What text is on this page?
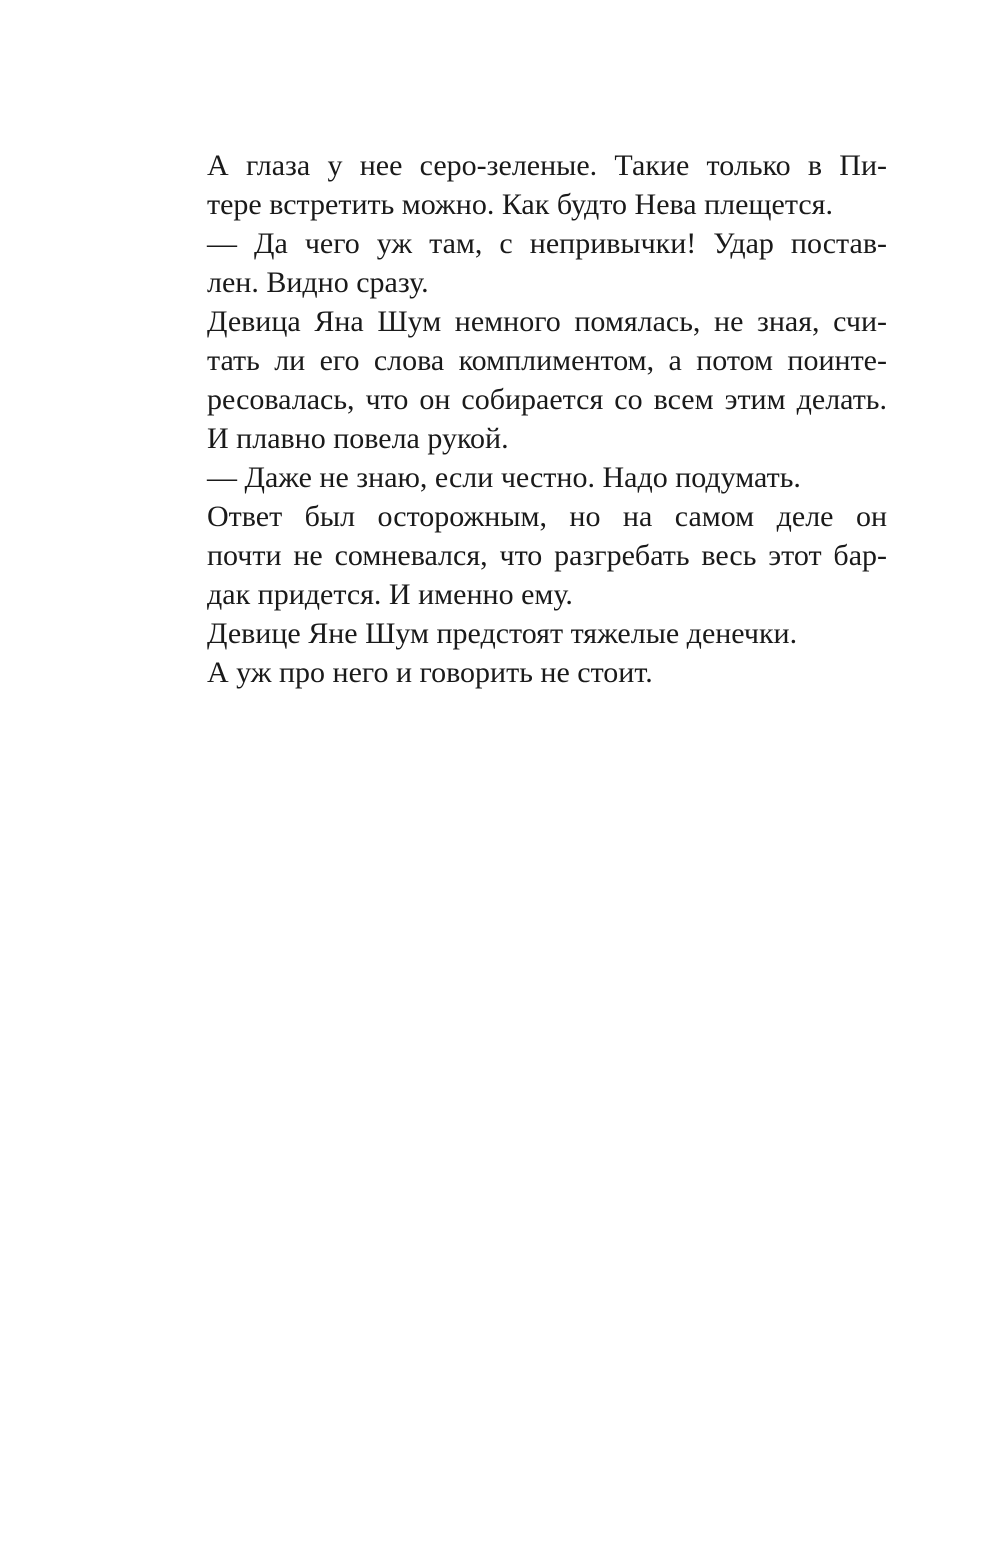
А глаза у нее серо-зеленые. Такие только в Пи-
тере встретить можно. Как будто Нева плещется.
— Да чего уж там, с непривычки! Удар постав-
лен. Видно сразу.
Девица Яна Шум немного помялась, не зная, счи-
тать ли его слова комплиментом, а потом поинте-
ресовалась, что он собирается со всем этим делать.
И плавно повела рукой.
— Даже не знаю, если честно. Надо подумать.
Ответ был осторожным, но на самом деле он
почти не сомневался, что разгребать весь этот бар-
дак придется. И именно ему.
Девице Яне Шум предстоят тяжелые денечки.
А уж про него и говорить не стоит.
